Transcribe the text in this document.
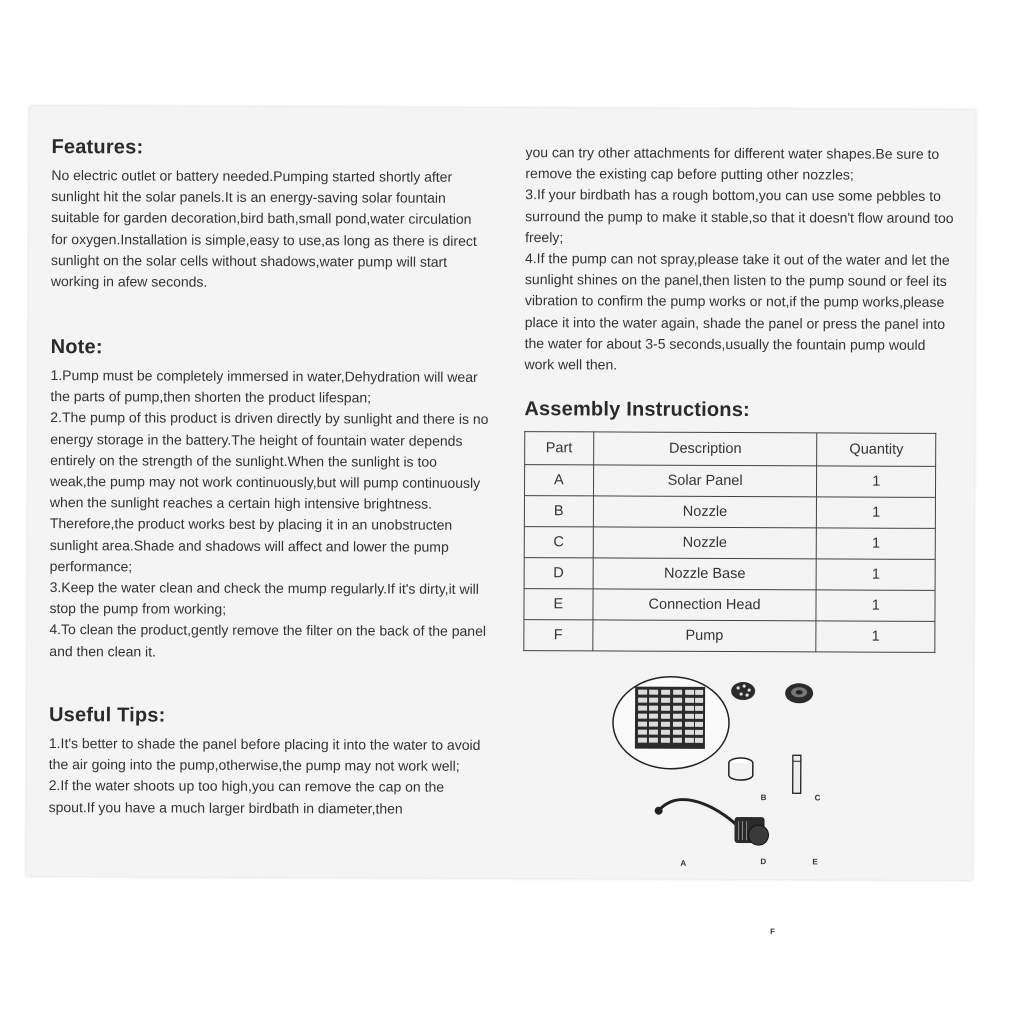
Features:

No electric outlet or battery needed.Pumping started shortly after sunlight hit the solar panels.It is an energy-saving solar fountain suitable for garden decoration,bird bath,small pond,water circulation for oxygen.Installation is simple,easy to use,as long as there is direct sunlight on the solar cells without shadows,water pump will start working in afew seconds.

Note:

1.Pump must be completely immersed in water,Dehydration will wear the parts of pump,then shorten the product lifespan;

2.The pump of this product is driven directly by sunlight and there is no energy storage in the battery.The height of fountain water depends entirely on the strength of the sunlight.When the sunlight is too weak,the pump may not work continuously,but will pump continuously when the sunlight reaches a certain high intensive brightness. Therefore,the product works best by placing it in an unobstructen sunlight area.Shade and shadows will affect and lower the pump performance;

3.Keep the water clean and check the mump regularly.If it's dirty,it will stop the pump from working;

4.To clean the product,gently remove the filter on the back of the panel and then clean it.

Useful Tips:

1.It's better to shade the panel before placing it into the water to avoid the air going into the pump,otherwise,the pump may not work well;

2.If the water shoots up too high,you can remove the cap on the spout.If you have a much larger birdbath in diameter,then

you can try other attachments for different water shapes.Be sure to remove the existing cap before putting other nozzles;

3.If your birdbath has a rough bottom,you can use some pebbles to surround the pump to make it stable,so that it doesn't flow around too freely;

4.If the pump can not spray,please take it out of the water and let the sunlight shines on the panel,then listen to the pump sound or feel its vibration to confirm the pump works or not,if the pump works,please place it into the water again, shade the panel or press the panel into the water for about 3-5 seconds,usually the fountain pump would work well then.

Assembly Instructions:
Part	Description	Quantity
A	Solar Panel	1
B	Nozzle	1
C	Nozzle	1
D	Nozzle Base	1
E	Connection Head	1
F	Pump	1
A
B	C
D	E
F
